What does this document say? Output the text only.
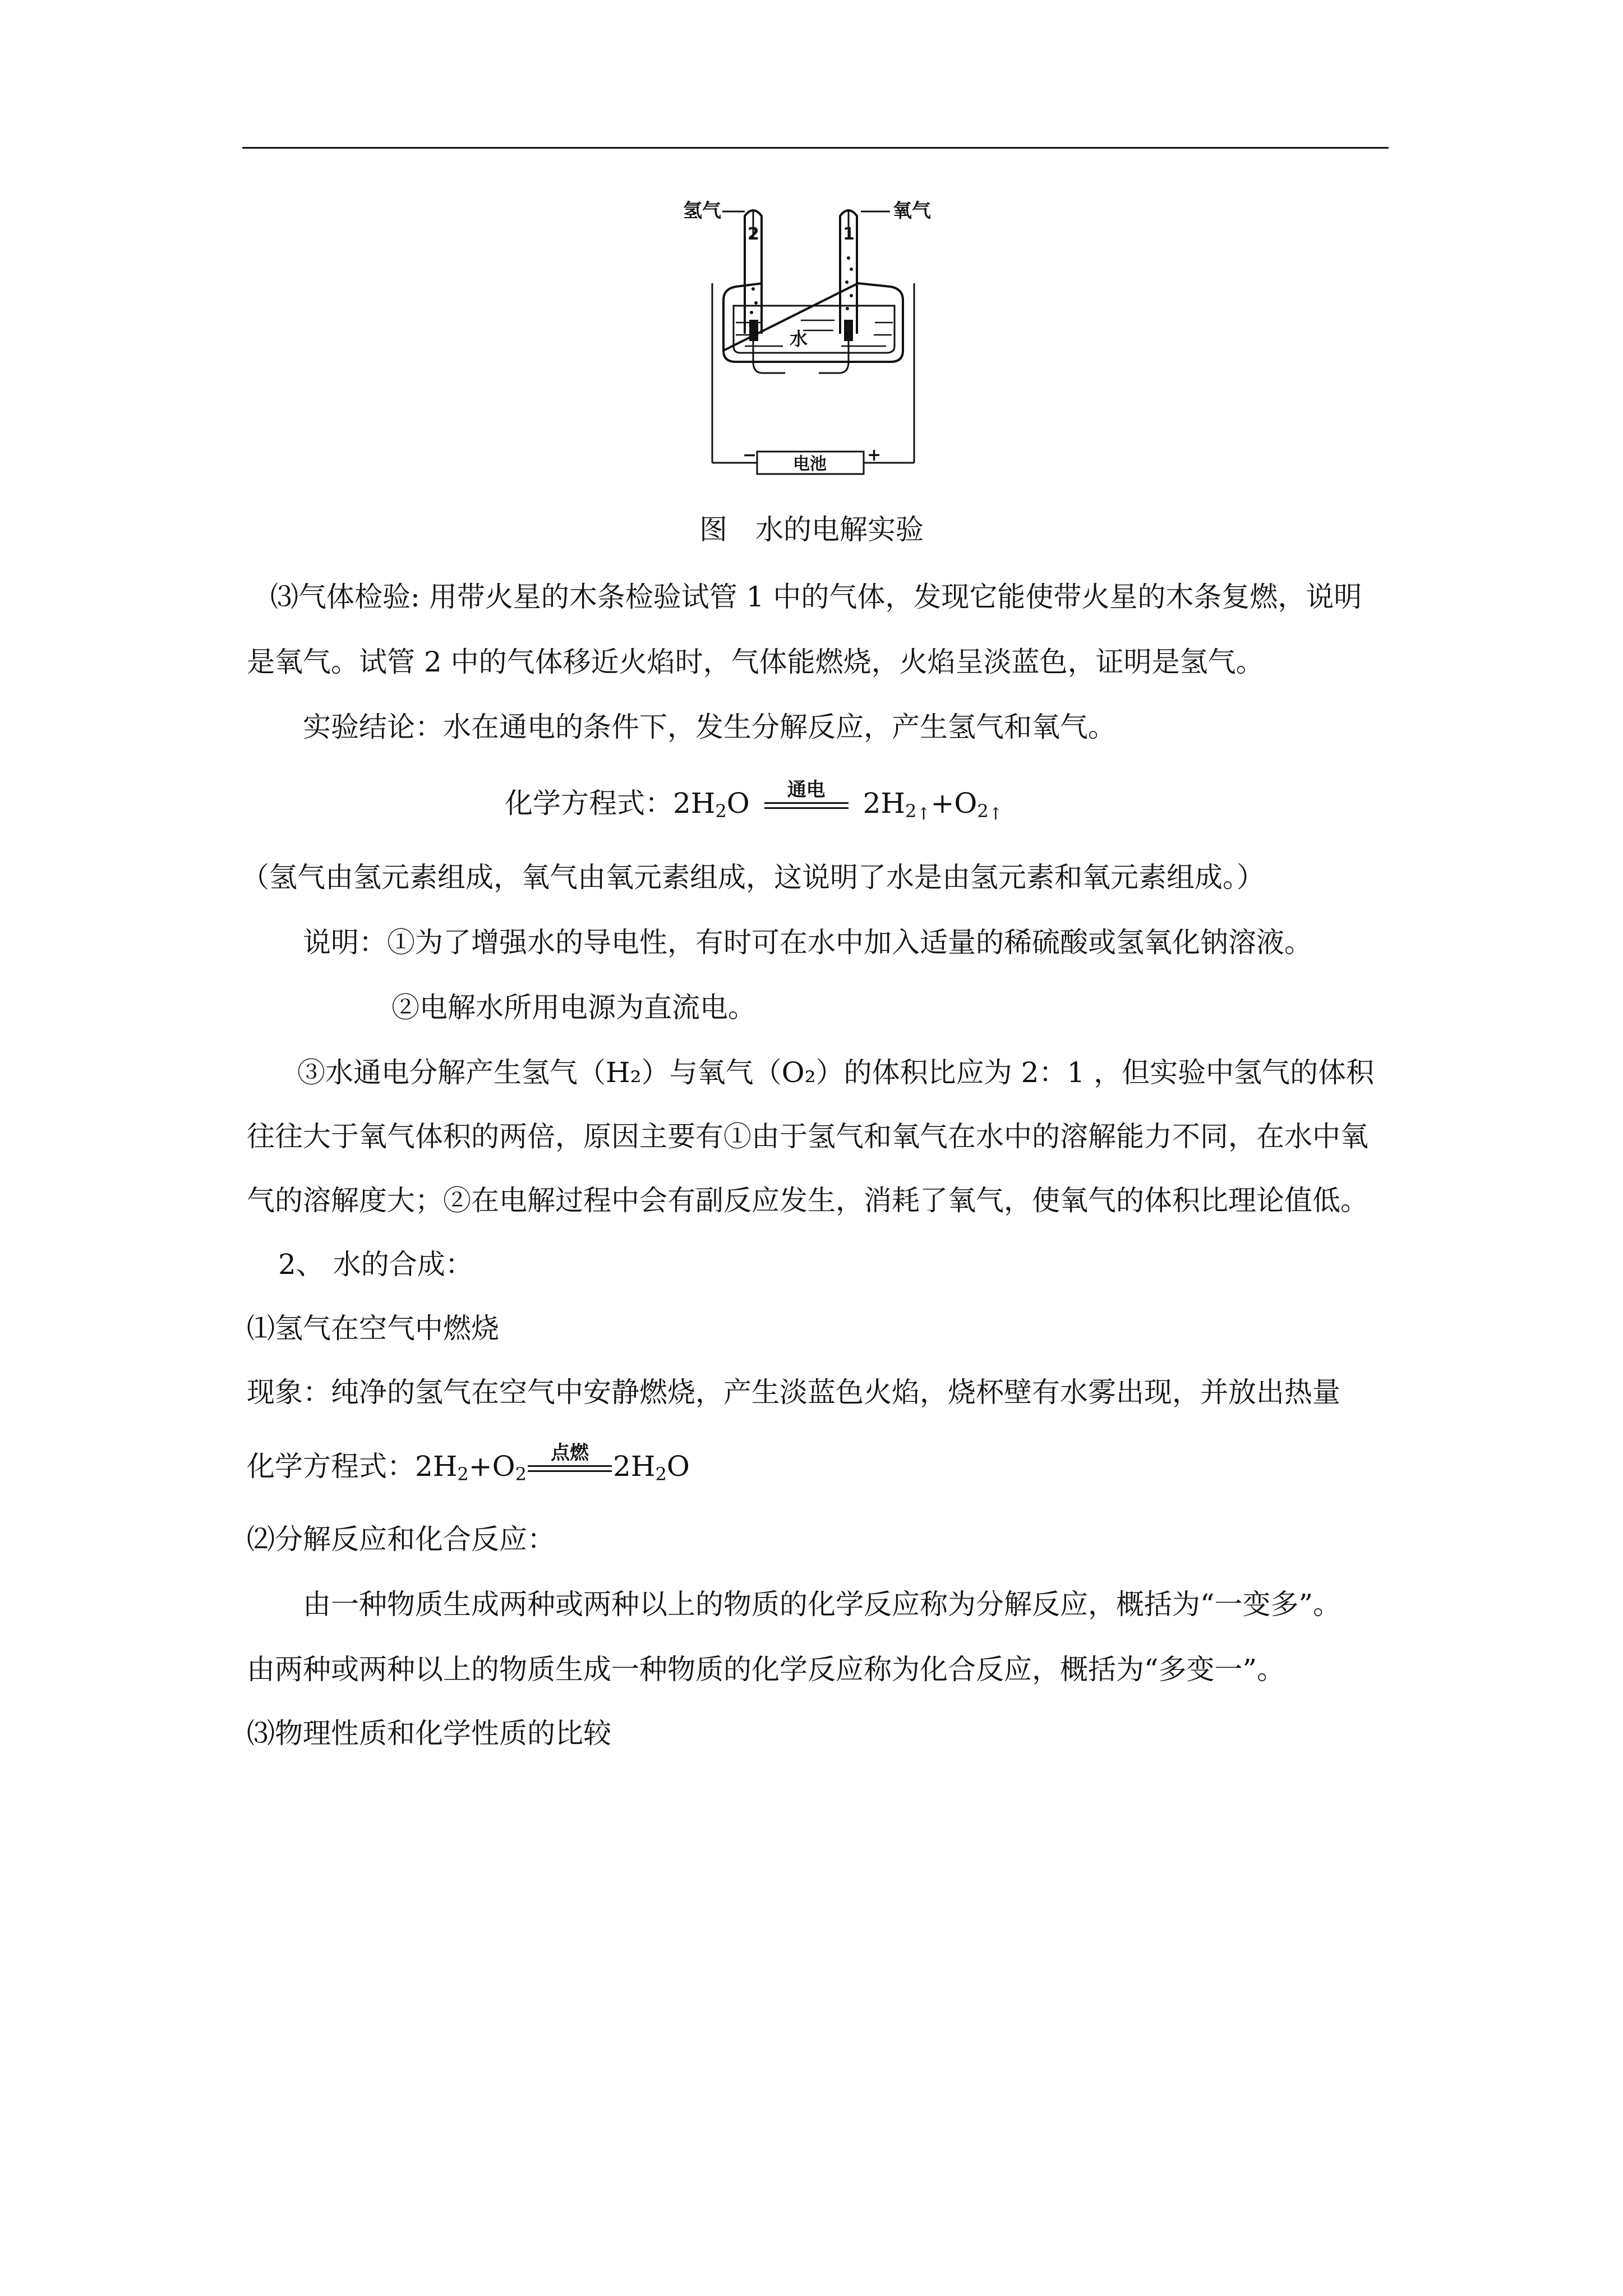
氢气	氧气
2	1
水
电池
−	+
图　水的电解实验
⑶气体检验: 用带火星的木条检验试管 1 中的气体，发现它能使带火星的木条复燃，说明
是氧气。试管 2 中的气体移近火焰时，气体能燃烧，火焰呈淡蓝色，证明是氢气。
实验结论：水在通电的条件下，发生分解反应，产生氢气和氧气。
化学方程式：$2H_2O$	通电	$2H_{2↑}+O_{2↑}$
（氢气由氢元素组成，氧气由氧元素组成，这说明了水是由氢元素和氧元素组成。）
说明：①为了增强水的导电性，有时可在水中加入适量的稀硫酸或氢氧化钠溶液。
②电解水所用电源为直流电。
③水通电分解产生氢气（H₂）与氧气（O₂）的体积比应为 2：1 ，但实验中氢气的体积
往往大于氧气体积的两倍，原因主要有①由于氢气和氧气在水中的溶解能力不同，在水中氧
气的溶解度大；②在电解过程中会有副反应发生，消耗了氧气，使氧气的体积比理论值低。
2、 水的合成：
⑴氢气在空气中燃烧
现象：纯净的氢气在空气中安静燃烧，产生淡蓝色火焰，烧杯壁有水雾出现，并放出热量
化学方程式：$2H_2+O_2$
点燃 $2H_2O$
⑵分解反应和化合反应：
由一种物质生成两种或两种以上的物质的化学反应称为分解反应，概括为“一变多”。
由两种或两种以上的物质生成一种物质的化学反应称为化合反应，概括为“多变一”。
⑶物理性质和化学性质的比较
